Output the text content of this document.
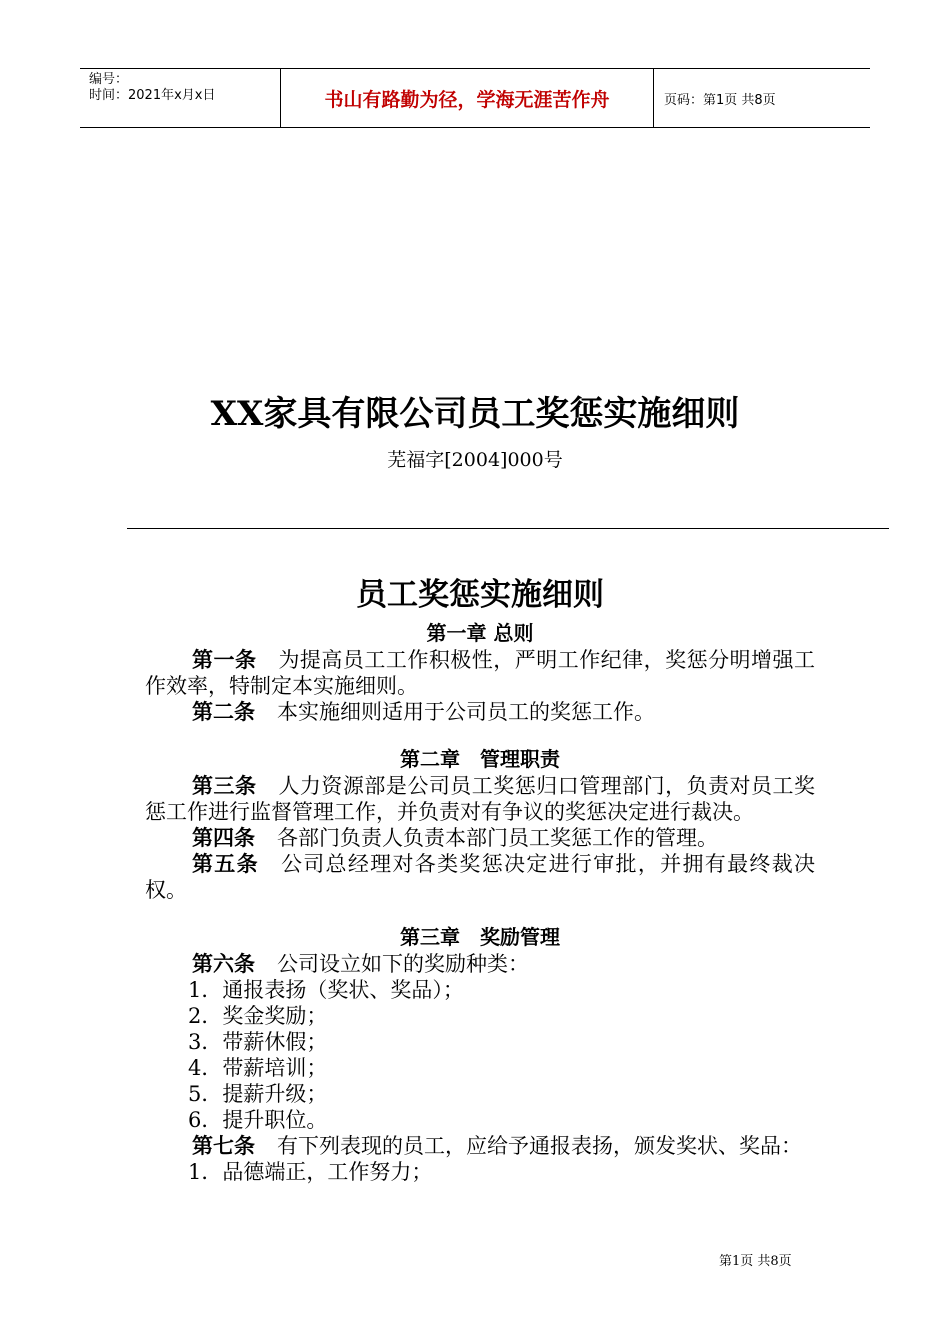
编号：
时间：2021年x月x日	书山有路勤为径，学海无涯苦作舟	页码：第1页 共8页
XX家具有限公司员工奖惩实施细则
芜福字[2004]000号
员工奖惩实施细则
第一章 总则
第一条 为提高员工工作积极性，严明工作纪律，奖惩分明增强工作效率，特制定本实施细则。
第二条 本实施细则适用于公司员工的奖惩工作。
第二章　管理职责
第三条 人力资源部是公司员工奖惩归口管理部门，负责对员工奖惩工作进行监督管理工作，并负责对有争议的奖惩决定进行裁决。
第四条 各部门负责人负责本部门员工奖惩工作的管理。
第五条 公司总经理对各类奖惩决定进行审批，并拥有最终裁决权。
第三章　奖励管理
第六条 公司设立如下的奖励种类：
1．通报表扬（奖状、奖品）；
2．奖金奖励；
3．带薪休假；
4．带薪培训；
5．提薪升级；
6．提升职位。
第七条 有下列表现的员工，应给予通报表扬，颁发奖状、奖品：
1．品德端正，工作努力；
第1页 共8页
